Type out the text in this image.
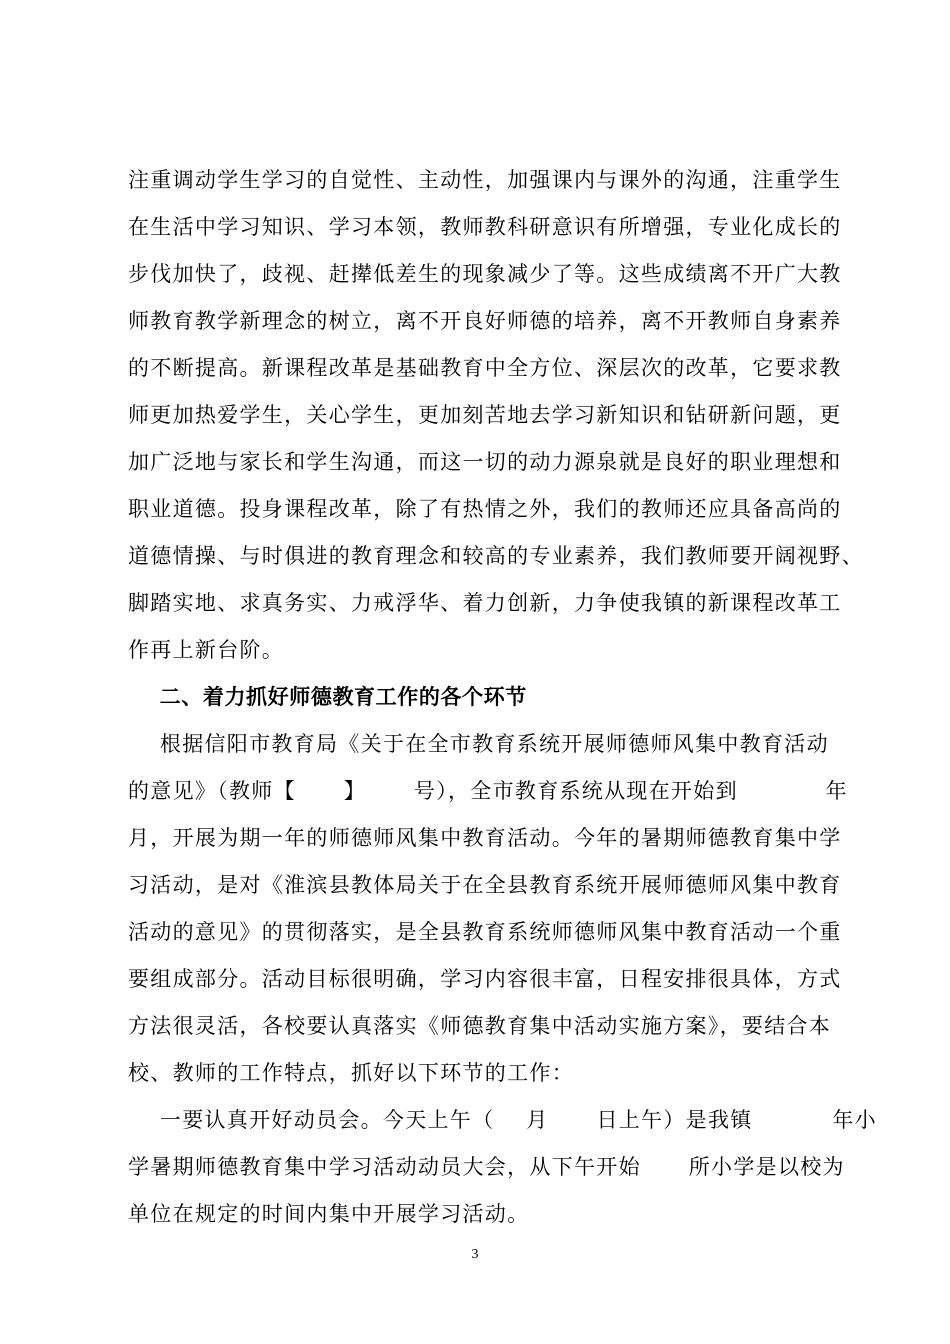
注重调动学生学习的自觉性、主动性，加强课内与课外的沟通，注重学生
在生活中学习知识、学习本领，教师教科研意识有所增强，专业化成长的
步伐加快了，歧视、赶撵低差生的现象减少了等。这些成绩离不开广大教
师教育教学新理念的树立，离不开良好师德的培养，离不开教师自身素养
的不断提高。新课程改革是基础教育中全方位、深层次的改革，它要求教
师更加热爱学生，关心学生，更加刻苦地去学习新知识和钻研新问题，更
加广泛地与家长和学生沟通，而这一切的动力源泉就是良好的职业理想和
职业道德。投身课程改革，除了有热情之外，我们的教师还应具备高尚的
道德情操、与时俱进的教育理念和较高的专业素养，我们教师要开阔视野、
脚踏实地、求真务实、力戒浮华、着力创新，力争使我镇的新课程改革工
作再上新台阶。
二、着力抓好师德教育工作的各个环节
根据信阳市教育局《关于在全市教育系统开展师德师风集中教育活动
的意见》（教师【      】      号），全市教育系统从现在开始到           年
月，开展为期一年的师德师风集中教育活动。今年的暑期师德教育集中学
习活动，是对《淮滨县教体局关于在全县教育系统开展师德师风集中教育
活动的意见》的贯彻落实，是全县教育系统师德师风集中教育活动一个重
要组成部分。活动目标很明确，学习内容很丰富，日程安排很具体，方式
方法很灵活，各校要认真落实《师德教育集中活动实施方案》，要结合本
校、教师的工作特点，抓好以下环节的工作：
一要认真开好动员会。今天上午（    月      日上午）是我镇          年小
学暑期师德教育集中学习活动动员大会，从下午开始      所小学是以校为
单位在规定的时间内集中开展学习活动。
3
